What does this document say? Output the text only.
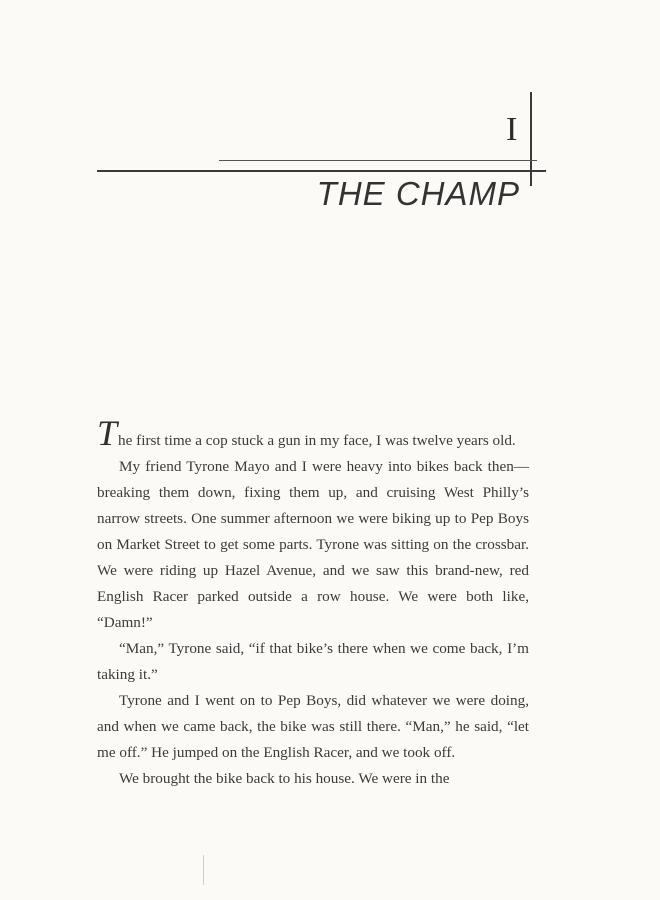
I
THE CHAMP

The first time a cop stuck a gun in my face, I was twelve years old.

My friend Tyrone Mayo and I were heavy into bikes back then—breaking them down, fixing them up, and cruising West Philly’s narrow streets. One summer afternoon we were biking up to Pep Boys on Market Street to get some parts. Tyrone was sitting on the crossbar. We were riding up Hazel Avenue, and we saw this brand-new, red English Racer parked outside a row house. We were both like, “Damn!”

“Man,” Tyrone said, “if that bike’s there when we come back, I’m taking it.”

Tyrone and I went on to Pep Boys, did whatever we were doing, and when we came back, the bike was still there. “Man,” he said, “let me off.” He jumped on the English Racer, and we took off.

We brought the bike back to his house. We were in the
